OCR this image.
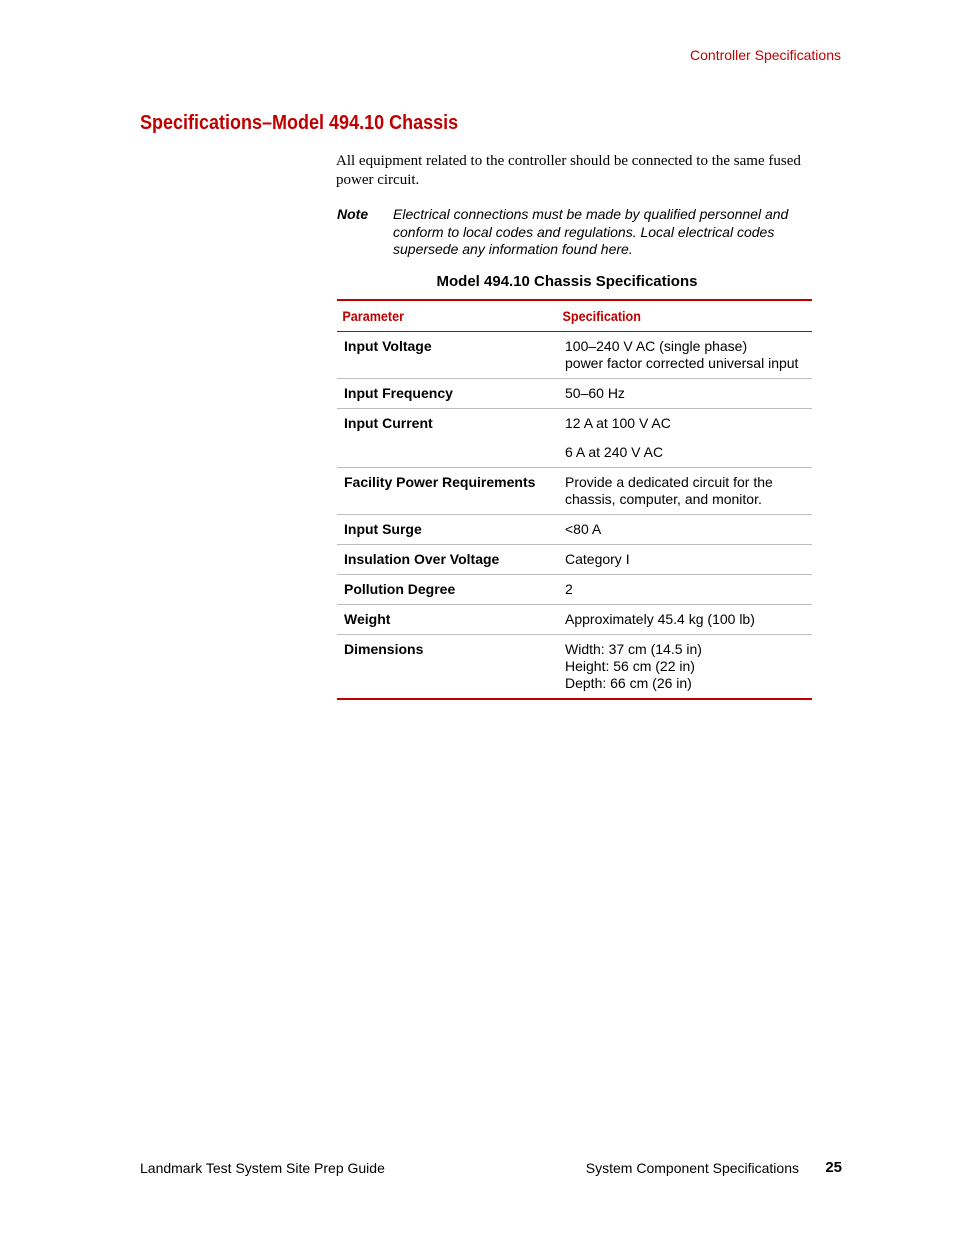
Controller Specifications
Specifications–Model 494.10 Chassis

All equipment related to the controller should be connected to the same fused power circuit.

Note	Electrical connections must be made by qualified personnel and conform to local codes and regulations. Local electrical codes supersede any information found here.
Model 494.10 Chassis Specifications
Parameter	Specification
Input Voltage	100–240 V AC (single phase)
power factor corrected universal input
Input Frequency	50–60 Hz
Input Current	12 A at 100 V AC
6 A at 240 V AC
Facility Power Requirements	Provide a dedicated circuit for the
chassis, computer, and monitor.
Input Surge	<80 A
Insulation Over Voltage	Category I
Pollution Degree	2
Weight	Approximately 45.4 kg (100 lb)
Dimensions	Width: 37 cm (14.5 in)
Height: 56 cm (22 in)
Depth: 66 cm (26 in)
Landmark Test System Site Prep Guide	System Component Specifications 25
